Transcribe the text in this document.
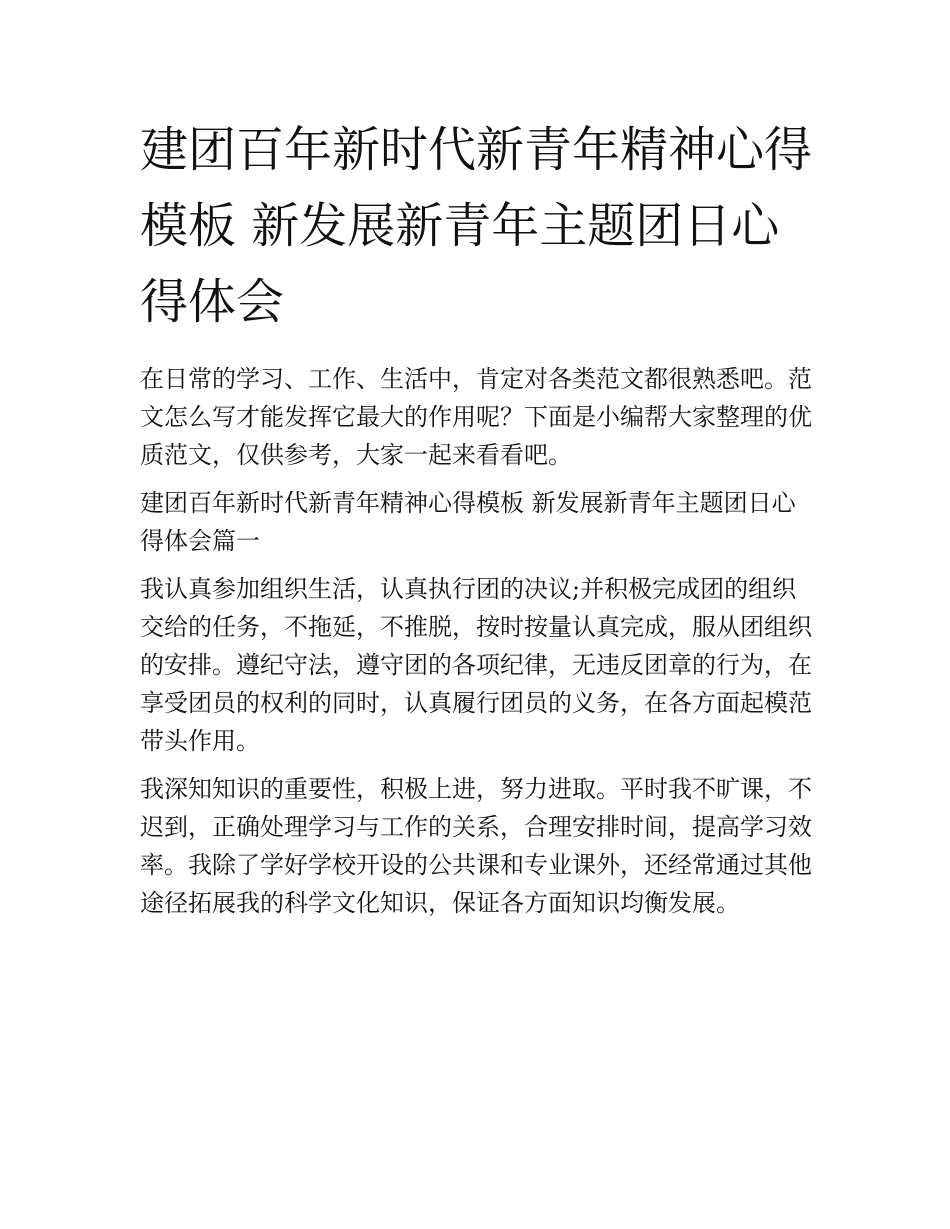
建团百年新时代新青年精神心得模板 新发展新青年主题团日心得体会

在日常的学习、工作、生活中，肯定对各类范文都很熟悉吧。范文怎么写才能发挥它最大的作用呢？下面是小编帮大家整理的优质范文，仅供参考，大家一起来看看吧。

建团百年新时代新青年精神心得模板 新发展新青年主题团日心得体会篇一

我认真参加组织生活，认真执行团的决议;并积极完成团的组织交给的任务，不拖延，不推脱，按时按量认真完成，服从团组织的安排。遵纪守法，遵守团的各项纪律，无违反团章的行为，在享受团员的权利的同时，认真履行团员的义务，在各方面起模范带头作用。

我深知知识的重要性，积极上进，努力进取。平时我不旷课，不迟到，正确处理学习与工作的关系，合理安排时间，提高学习效率。我除了学好学校开设的公共课和专业课外，还经常通过其他途径拓展我的科学文化知识，保证各方面知识均衡发展。
